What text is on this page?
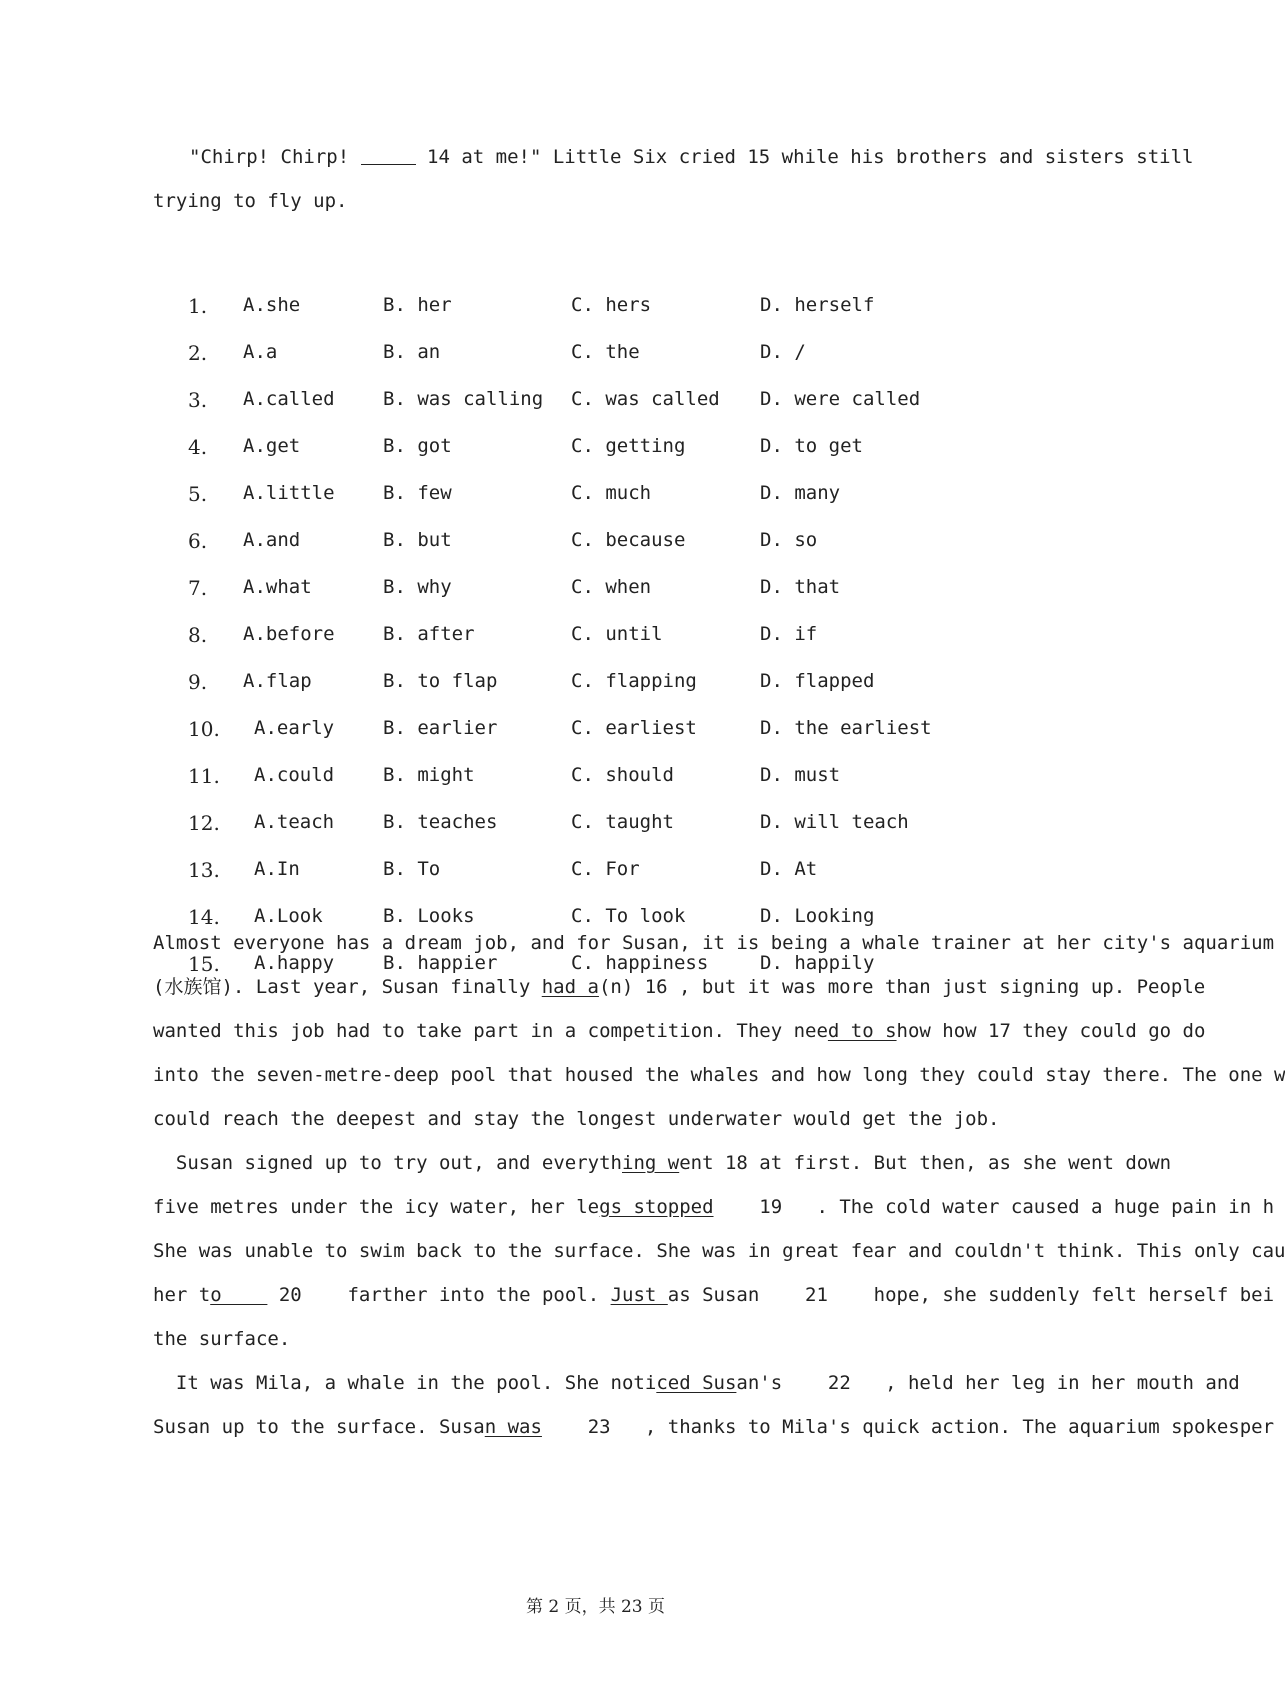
"Chirp! Chirp!	14 at me!" Little Six cried 15 while his brothers and sisters still
trying to fly up.
1. A.she	B. her	C. hers	D. herself
2. A.a	B. an	C. the	D. /
3. A.called	B. was calling C. was called D. were called
4. A.get	B. got	C. getting	D. to get
5. A.little	B. few	C. much	D. many
6. A.and	B. but	C. because	D. so
7. A.what	B. why	C. when	D. that
8. A.before	B. after	C. until	D. if
9. A.flap	B. to flap	C. flapping	D. flapped
10. A.early	B. earlier	C. earliest	D. the earliest
11. A.could	B. might	C. should	D. must
12. A.teach	B. teaches	C. taught	D. will teach
13. A.In	B. To	C. For	D. At
14. A.Look	B. Looks	C. To look	D. Looking
15. A.happy	B. happier	C. happiness	D. happily
Almost everyone has a dream job, and for Susan, it is being a whale trainer at her city's aquarium
(水族馆). Last year, Susan finally had a(n) 16 , but it was more than just signing up. People
wanted this job had to take part in a competition. They need to show how 17 they could go do
into the seven-metre-deep pool that housed the whales and how long they could stay there. The one w
could reach the deepest and stay the longest underwater would get the job.
Susan signed up to try out, and everything went 18 at first. But then, as she went down
five metres under the icy water, her legs stopped    19   . The cold water caused a huge pain in h
She was unable to swim back to the surface. She was in great fear and couldn't think. This only cau
her to     20    farther into the pool. Just as Susan    21    hope, she suddenly felt herself bei
the surface.
It was Mila, a whale in the pool. She noticed Susan's    22   , held her leg in her mouth and
Susan up to the surface. Susan was    23   , thanks to Mila's quick action. The aquarium spokesper
第 2 页，共 23 页
